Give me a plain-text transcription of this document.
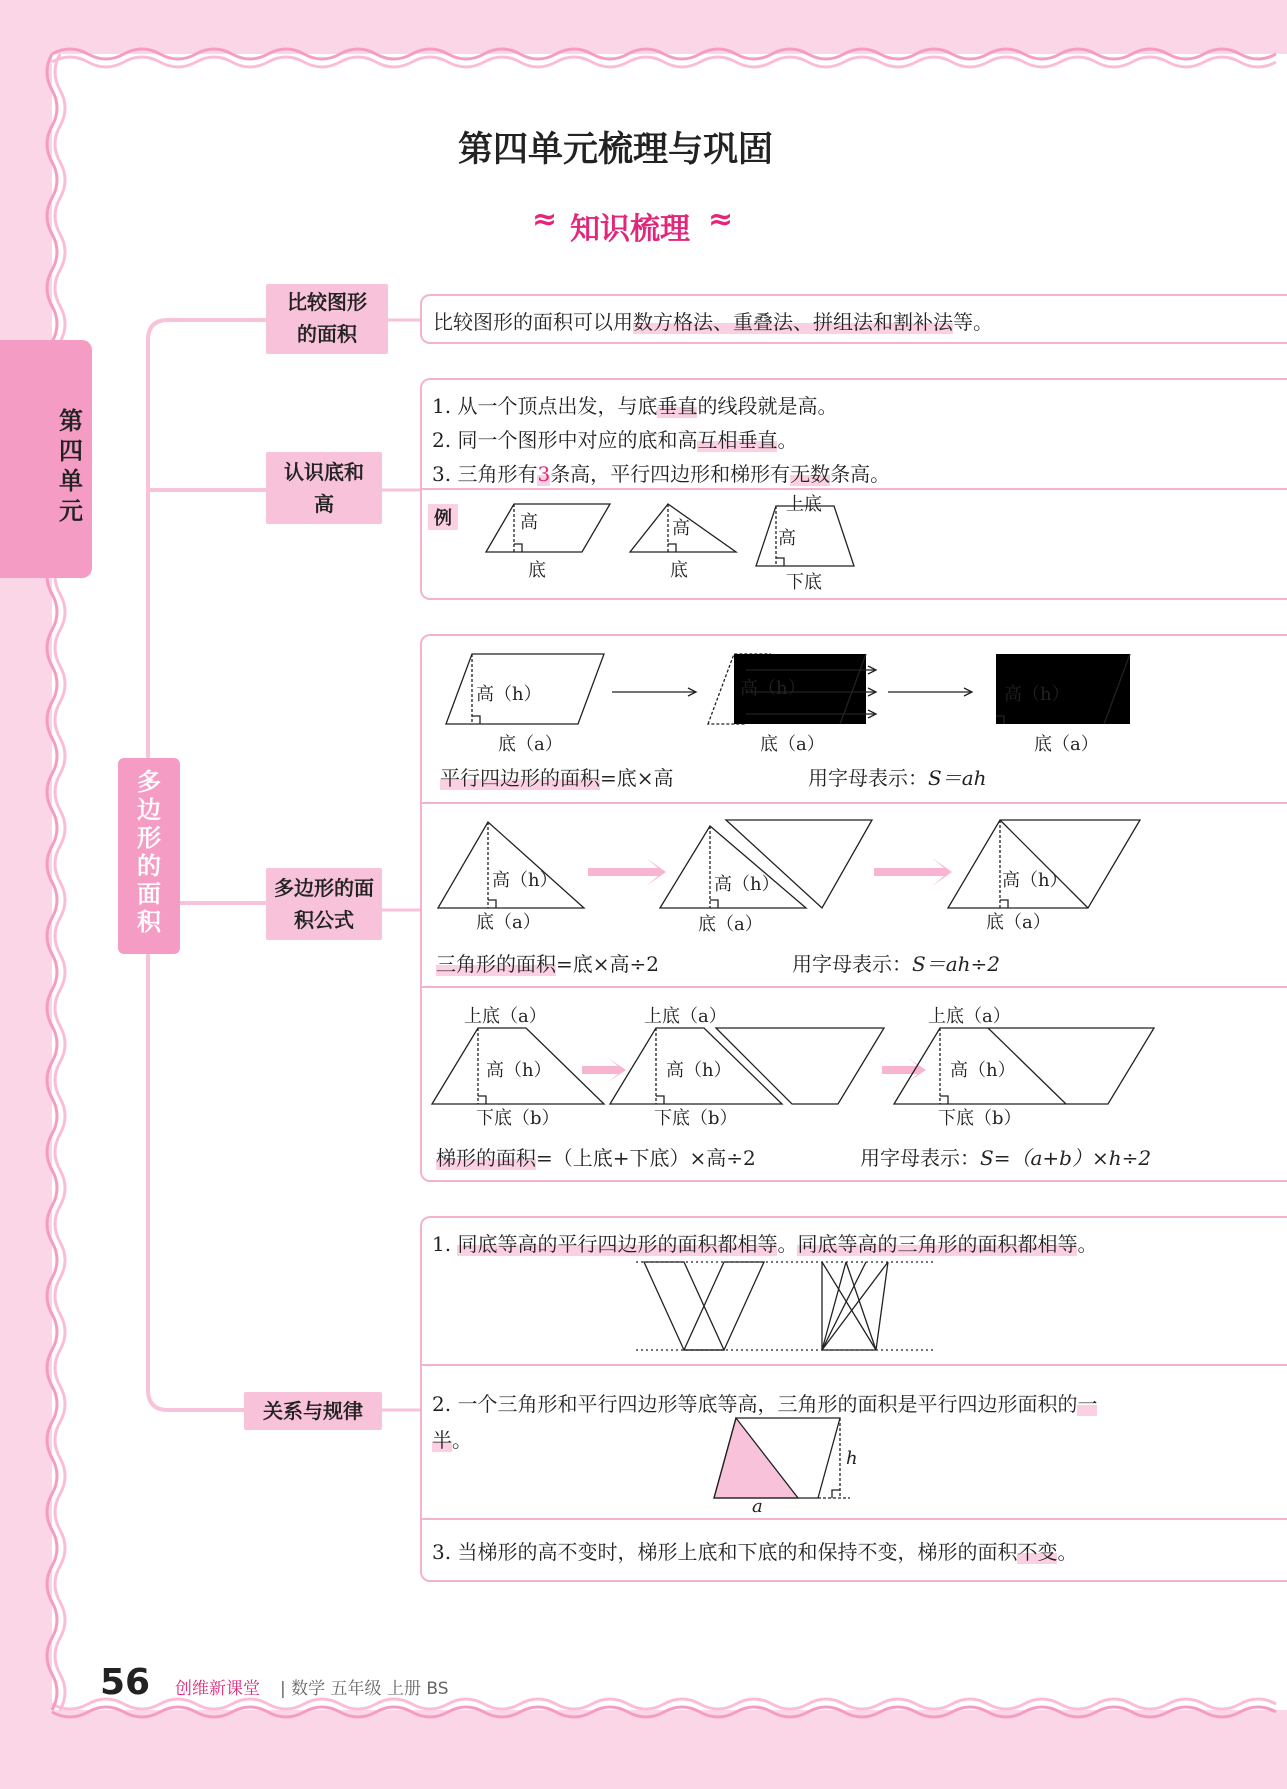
第四单元
第四单元梳理与巩固
≈ 知识梳理 ≈
比较图形的面积
认识底和高
多边形的面积
多边形的面积公式
关系与规律
比较图形的面积可以用数方格法、重叠法、拼组法和割补法等。
1. 从一个顶点出发，与底垂直的线段就是高。
2. 同一个图形中对应的底和高互相垂直。
3. 三角形有3条高，平行四边形和梯形有无数条高。
例	高
底
高
底
上底
高
下底
高（h）
底（a）
高（h）
底（a）
高（h）
底（a）
平行四边形的面积=底×高	用字母表示：S＝ah
高（h）
底（a）
高（h）
底（a）
高（h）
底（a）
三角形的面积=底×高÷2	用字母表示：S＝ah÷2
上底（a）
高（h）
下底（b）
上底（a）
高（h）
下底（b）
上底（a）
高（h）
下底（b）
梯形的面积=（上底+下底）×高÷2	用字母表示：S=（a+b）×h÷2
1. 同底等高的平行四边形的面积都相等。同底等高的三角形的面积都相等。
2. 一个三角形和平行四边形等底等高，三角形的面积是平行四边形面积的一
半。
h
a
3. 当梯形的高不变时，梯形上底和下底的和保持不变，梯形的面积不变。
56 创维新课堂 | 数学 五年级 上册 BS
